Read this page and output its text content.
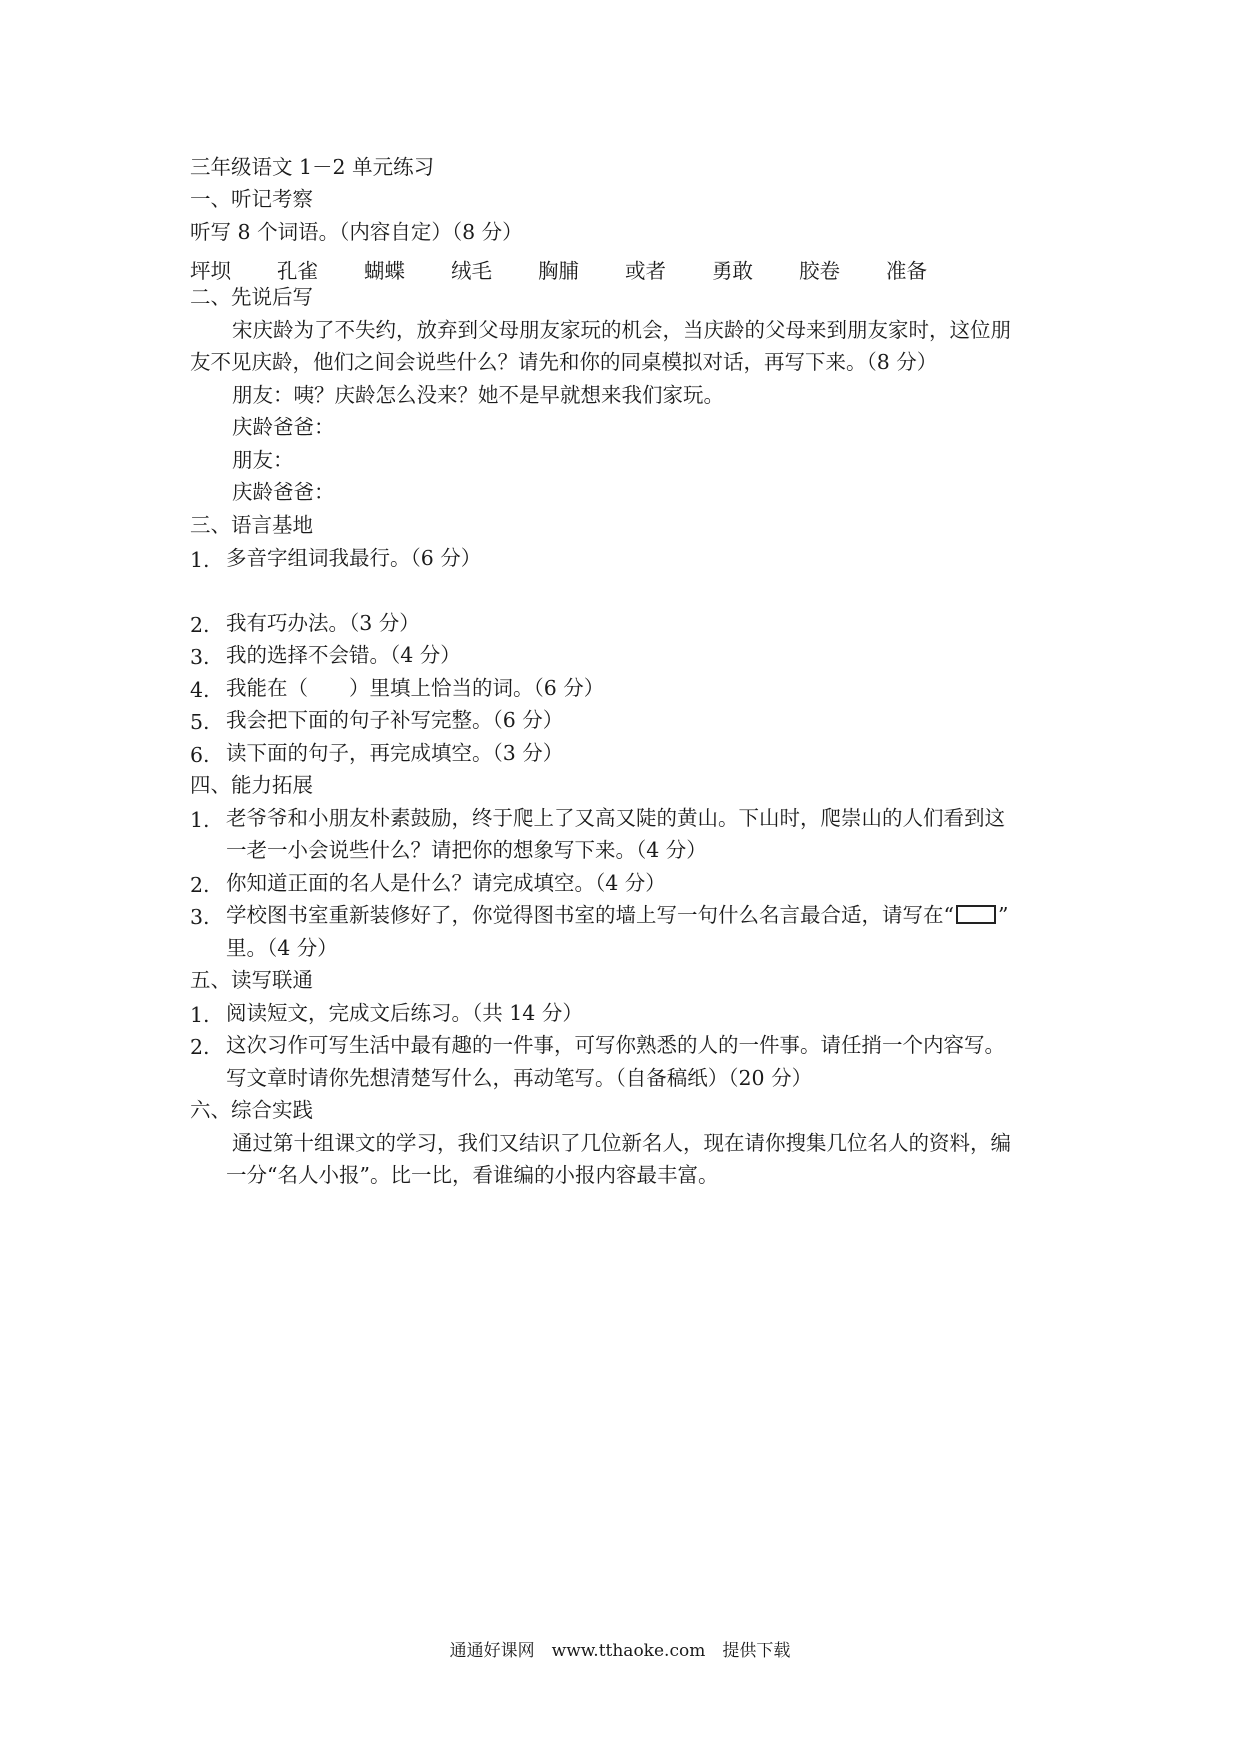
三年级语文 1－2 单元练习
一、听记考察
听写 8 个词语。（内容自定）（8 分）
坪坝 孔雀 蝴蝶 绒毛 胸脯 或者 勇敢 胶卷 准备
二、先说后写
宋庆龄为了不失约，放弃到父母朋友家玩的机会，当庆龄的父母来到朋友家时，这位朋
友不见庆龄，他们之间会说些什么？请先和你的同桌模拟对话，再写下来。（8 分）
朋友：咦？庆龄怎么没来？她不是早就想来我们家玩。
庆龄爸爸：
朋友：
庆龄爸爸：
三、语言基地
1. 多音字组词我最行。（6 分）
2. 我有巧办法。（3 分）
3. 我的选择不会错。（4 分）
4. 我能在（　　）里填上恰当的词。（6 分）
5. 我会把下面的句子补写完整。（6 分）
6. 读下面的句子，再完成填空。（3 分）
四、能力拓展
1. 老爷爷和小朋友朴素鼓励，终于爬上了又高又陡的黄山。下山时，爬崇山的人们看到这
一老一小会说些什么？请把你的想象写下来。（4 分）
2. 你知道正面的名人是什么？请完成填空。（4 分）
3. 学校图书室重新装修好了，你觉得图书室的墙上写一句什么名言最合适，请写在“ ”
里。（4 分）
五、读写联通
1. 阅读短文，完成文后练习。（共 14 分）
2. 这次习作可写生活中最有趣的一件事，可写你熟悉的人的一件事。请任捎一个内容写。
写文章时请你先想清楚写什么，再动笔写。（自备稿纸）（20 分）
六、综合实践
通过第十组课文的学习，我们又结识了几位新名人，现在请你搜集几位名人的资料，编
一分“名人小报”。比一比，看谁编的小报内容最丰富。
通通好课网　www.tthaoke.com　提供下载
